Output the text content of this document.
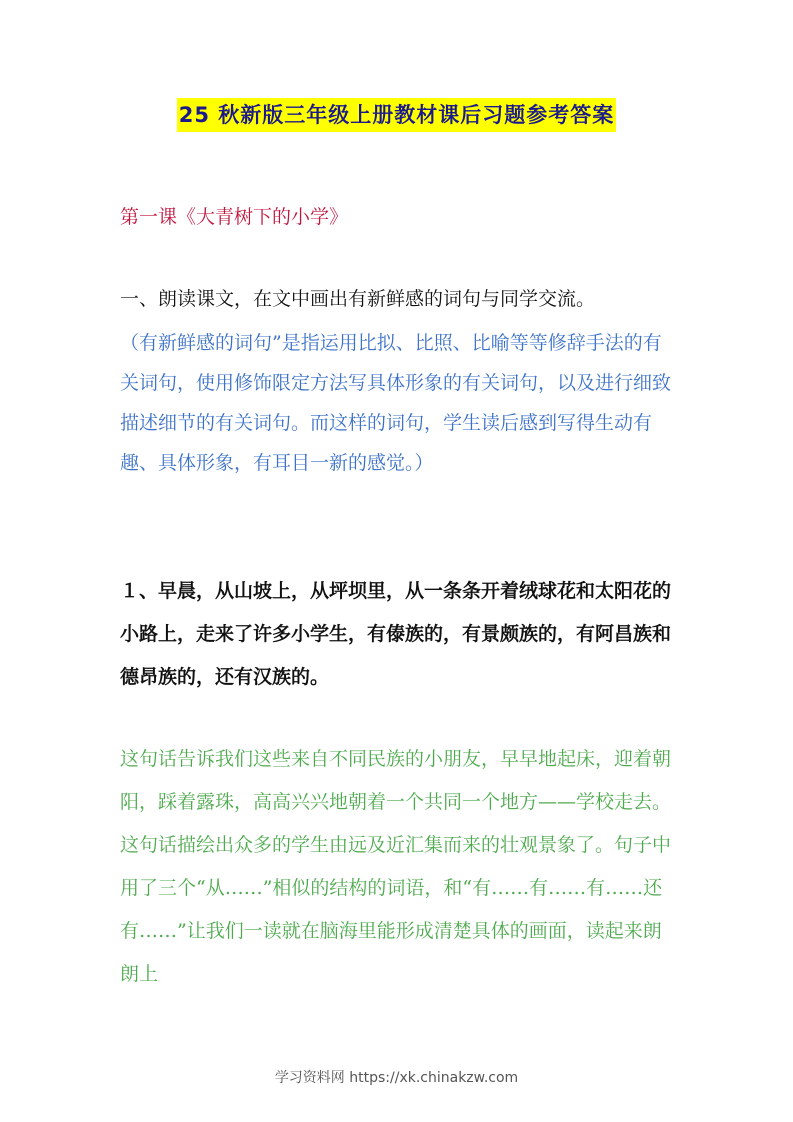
25 秋新版三年级上册教材课后习题参考答案
第一课《大青树下的小学》

一、朗读课文，在文中画出有新鲜感的词句与同学交流。

（有新鲜感的词句”是指运用比拟、比照、比喻等等修辞手法的有关词句，使用修饰限定方法写具体形象的有关词句，以及进行细致描述细节的有关词句。而这样的词句，学生读后感到写得生动有趣、具体形象，有耳目一新的感觉。）

１、早晨，从山坡上，从坪坝里，从一条条开着绒球花和太阳花的小路上，走来了许多小学生，有傣族的，有景颇族的，有阿昌族和德昂族的，还有汉族的。

这句话告诉我们这些来自不同民族的小朋友，早早地起床，迎着朝阳，踩着露珠，高高兴兴地朝着一个共同一个地方——学校走去。这句话描绘出众多的学生由远及近汇集而来的壮观景象了。句子中用了三个“从……”相似的结构的词语，和“有……有……有……还有……”让我们一读就在脑海里能形成清楚具体的画面，读起来朗朗上

学习资料网 https://xk.chinakzw.com
